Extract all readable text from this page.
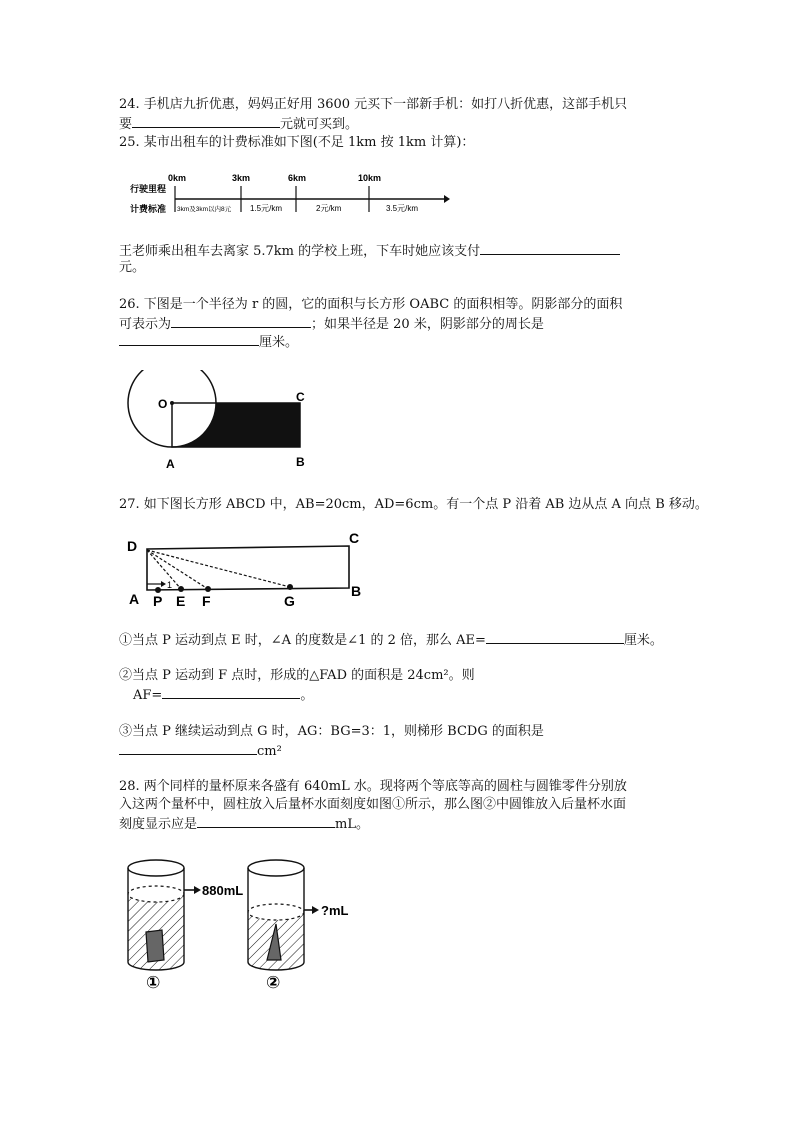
24. 手机店九折优惠，妈妈正好用 3600 元买下一部新手机：如打八折优惠，这部手机只
要	元就可买到。
25. 某市出租车的计费标准如下图(不足 1km 按 1km 计算)：
行驶里程
计费标准
0km	3km	6km	10km
3km及3km以内8元 1.5元/km	2元/km	3.5元/km
王老师乘出租车去离家 5.7km 的学校上班，下车时她应该支付
元。
26. 下图是一个半径为 r 的圆，它的面积与长方形 OABC 的面积相等。阴影部分的面积
可表示为	；如果半径是 20 米，阴影部分的周长是
厘米。
O
A	B
C
27. 如下图长方形 ABCD 中，AB=20cm，AD=6cm。有一个点 P 沿着 AB 边从点 A 向点 B 移动。
1
D	C
A	B
P E F	G
①当点 P 运动到点 E 时，∠A 的度数是∠1 的 2 倍，那么 AE=	厘米。
②当点 P 运动到 F 点时，形成的△FAD 的面积是 24cm²。则
AF=	。
③当点 P 继续运动到点 G 时，AG：BG=3：1，则梯形 BCDG 的面积是
cm²
28. 两个同样的量杯原来各盛有 640mL 水。现将两个等底等高的圆柱与圆锥零件分别放
入这两个量杯中，圆柱放入后量杯水面刻度如图①所示，那么图②中圆锥放入后量杯水面
刻度显示应是	mL。
880mL
①
?mL
②
